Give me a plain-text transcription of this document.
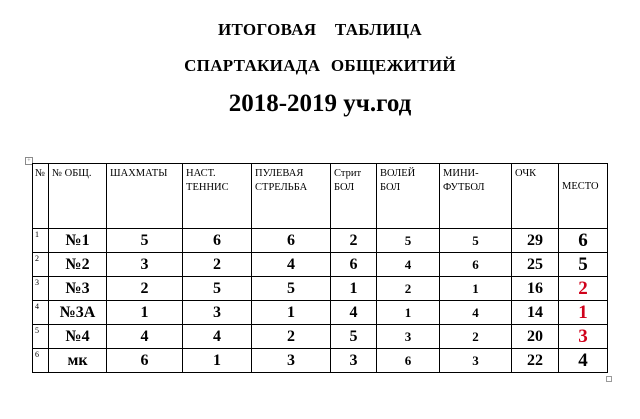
ИТОГОВАЯ ТАБЛИЦА
СПАРТАКИАДА ОБЩЕЖИТИЙ
2018-2019 уч.год
+
№	№ ОБЩ.	ШАХМАТЫ	НАСТ. ТЕННИС	ПУЛЕВАЯ СТРЕЛЬБА	Стрит БОЛ	ВОЛЕЙ БОЛ	МИНИ-ФУТБОЛ	ОЧК	МЕСТО

1	№1	5	6	6	2	5	5	29	6

2	№2	3	2	4	6	4	6	25	5

3	№3	2	5	5	1	2	1	16	2

4	№3А	1	3	1	4	1	4	14	1

5	№4	4	4	2	5	3	2	20	3

6	мк	6	1	3	3	6	3	22	4
